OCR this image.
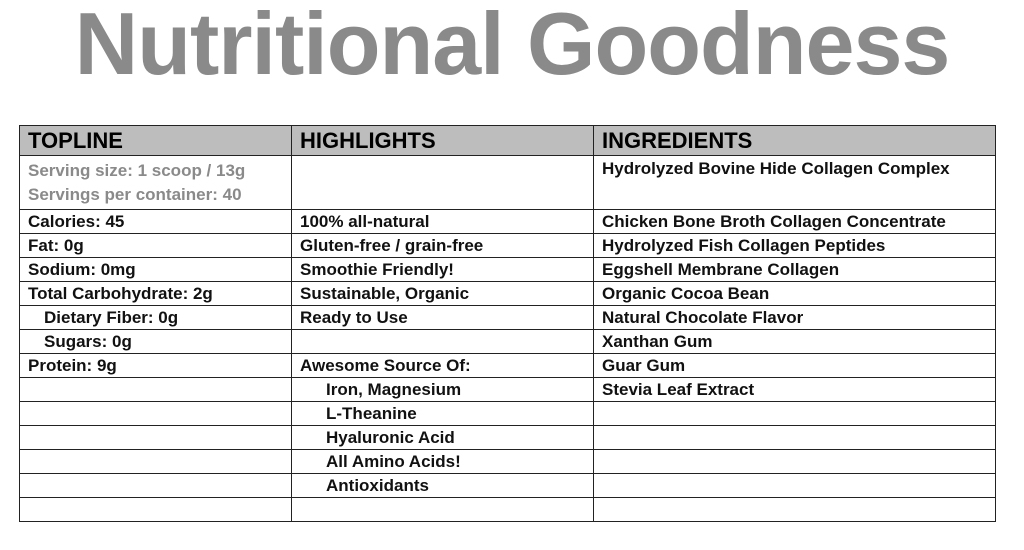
Nutritional Goodness
TOPLINE	HIGHLIGHTS	INGREDIENTS

Serving size: 1 scoop / 13g
Servings per container: 40		Hydrolyzed Bovine Hide Collagen Complex
Calories: 45	100% all-natural	Chicken Bone Broth Collagen Concentrate
Fat: 0g	Gluten-free / grain-free	Hydrolyzed Fish Collagen Peptides
Sodium: 0mg	Smoothie Friendly!	Eggshell Membrane Collagen
Total Carbohydrate: 2g	Sustainable, Organic	Organic Cocoa Bean
Dietary Fiber: 0g	Ready to Use	Natural Chocolate Flavor
Sugars: 0g		Xanthan Gum
Protein: 9g	Awesome Source Of:	Guar Gum
	Iron, Magnesium	Stevia Leaf Extract
	L-Theanine	
	Hyaluronic Acid	
	All Amino Acids!	
	Antioxidants	
